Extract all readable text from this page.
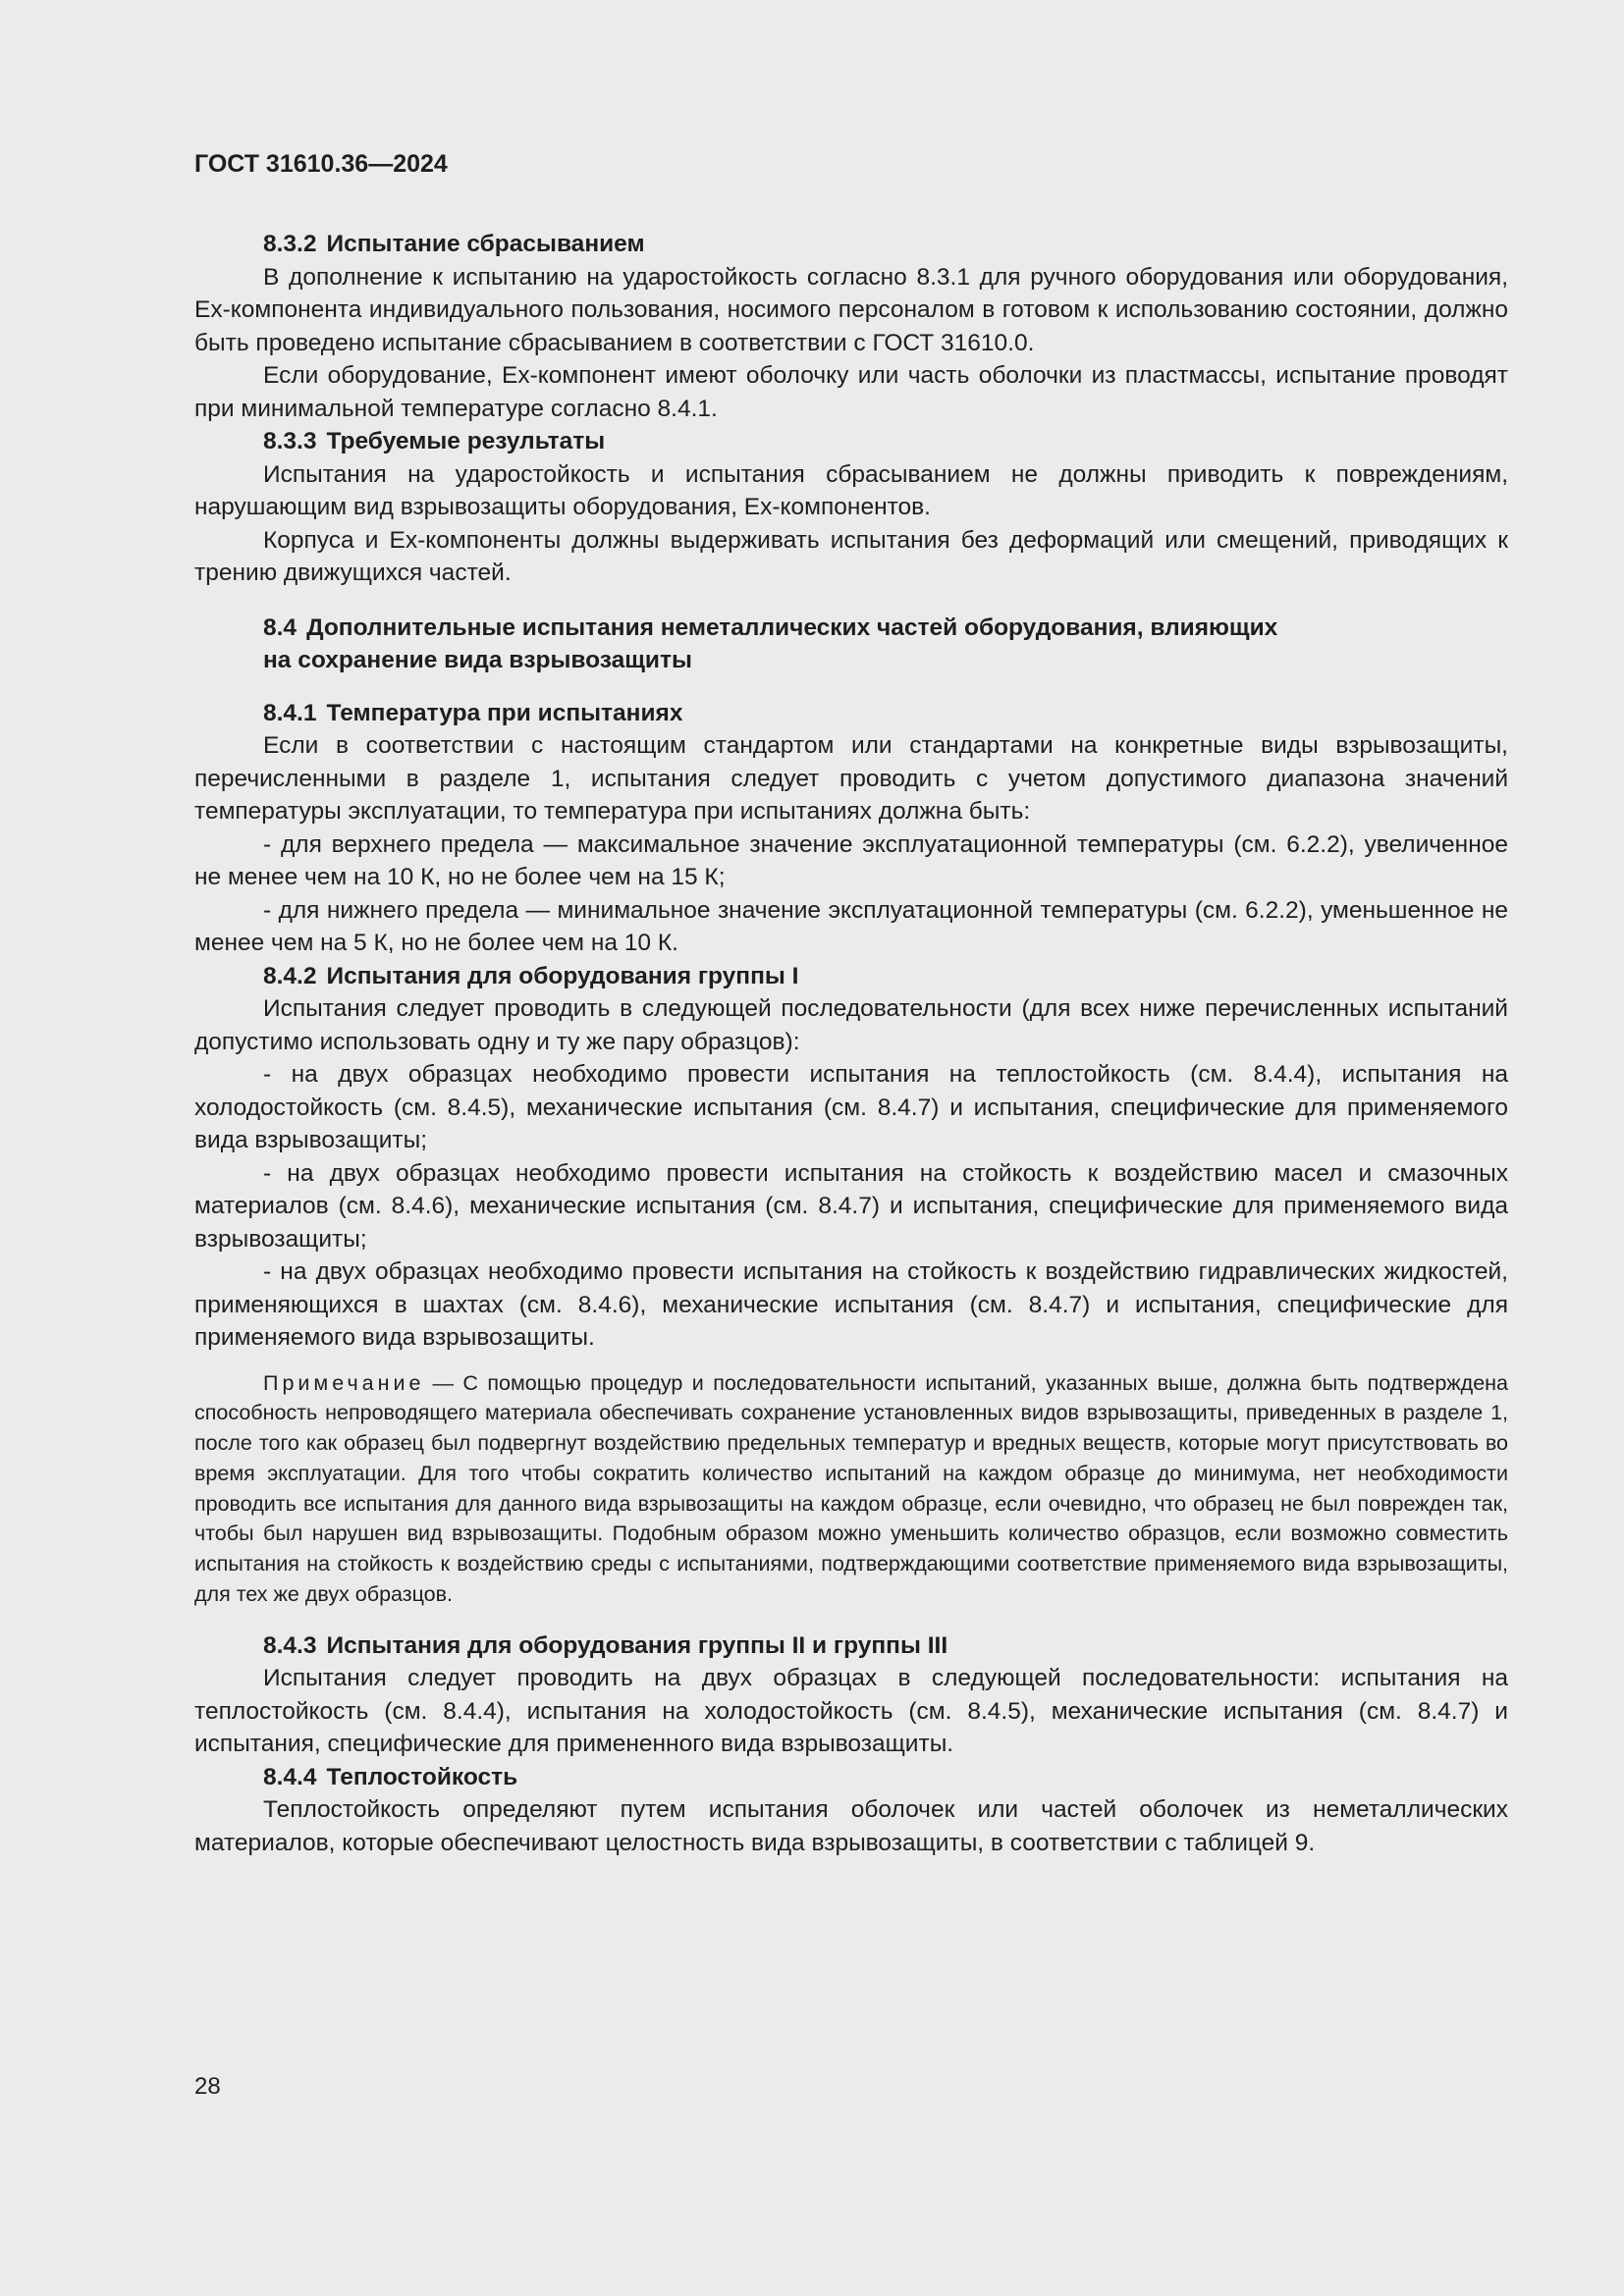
ГОСТ 31610.36—2024
8.3.2 Испытание сбрасыванием

В дополнение к испытанию на ударостойкость согласно 8.3.1 для ручного оборудования или оборудования, Ex-компонента индивидуального пользования, носимого персоналом в готовом к использованию состоянии, должно быть проведено испытание сбрасыванием в соответствии с ГОСТ 31610.0.

Если оборудование, Ex-компонент имеют оболочку или часть оболочки из пластмассы, испытание проводят при минимальной температуре согласно 8.4.1.

8.3.3 Требуемые результаты

Испытания на ударостойкость и испытания сбрасыванием не должны приводить к повреждениям, нарушающим вид взрывозащиты оборудования, Ex-компонентов.

Корпуса и Ex-компоненты должны выдерживать испытания без деформаций или смещений, приводящих к трению движущихся частей.

8.4 Дополнительные испытания неметаллических частей оборудования, влияющих
на сохранение вида взрывозащиты
8.4.1 Температура при испытаниях

Если в соответствии с настоящим стандартом или стандартами на конкретные виды взрывозащиты, перечисленными в разделе 1, испытания следует проводить с учетом допустимого диапазона значений температуры эксплуатации, то температура при испытаниях должна быть:

- для верхнего предела — максимальное значение эксплуатационной температуры (см. 6.2.2), увеличенное не менее чем на 10 К, но не более чем на 15 К;

- для нижнего предела — минимальное значение эксплуатационной температуры (см. 6.2.2), уменьшенное не менее чем на 5 К, но не более чем на 10 К.

8.4.2 Испытания для оборудования группы I

Испытания следует проводить в следующей последовательности (для всех ниже перечисленных испытаний допустимо использовать одну и ту же пару образцов):

- на двух образцах необходимо провести испытания на теплостойкость (см. 8.4.4), испытания на холодостойкость (см. 8.4.5), механические испытания (см. 8.4.7) и испытания, специфические для применяемого вида взрывозащиты;

- на двух образцах необходимо провести испытания на стойкость к воздействию масел и смазочных материалов (см. 8.4.6), механические испытания (см. 8.4.7) и испытания, специфические для применяемого вида взрывозащиты;

- на двух образцах необходимо провести испытания на стойкость к воздействию гидравлических жидкостей, применяющихся в шахтах (см. 8.4.6), механические испытания (см. 8.4.7) и испытания, специфические для применяемого вида взрывозащиты.

Примечание — С помощью процедур и последовательности испытаний, указанных выше, должна быть подтверждена способность непроводящего материала обеспечивать сохранение установленных видов взрывозащиты, приведенных в разделе 1, после того как образец был подвергнут воздействию предельных температур и вредных веществ, которые могут присутствовать во время эксплуатации. Для того чтобы сократить количество испытаний на каждом образце до минимума, нет необходимости проводить все испытания для данного вида взрывозащиты на каждом образце, если очевидно, что образец не был поврежден так, чтобы был нарушен вид взрывозащиты. Подобным образом можно уменьшить количество образцов, если возможно совместить испытания на стойкость к воздействию среды с испытаниями, подтверждающими соответствие применяемого вида взрывозащиты, для тех же двух образцов.

8.4.3 Испытания для оборудования группы II и группы III

Испытания следует проводить на двух образцах в следующей последовательности: испытания на теплостойкость (см. 8.4.4), испытания на холодостойкость (см. 8.4.5), механические испытания (см. 8.4.7) и испытания, специфические для примененного вида взрывозащиты.

8.4.4 Теплостойкость

Теплостойкость определяют путем испытания оболочек или частей оболочек из неметаллических материалов, которые обеспечивают целостность вида взрывозащиты, в соответствии с таблицей 9.

28
